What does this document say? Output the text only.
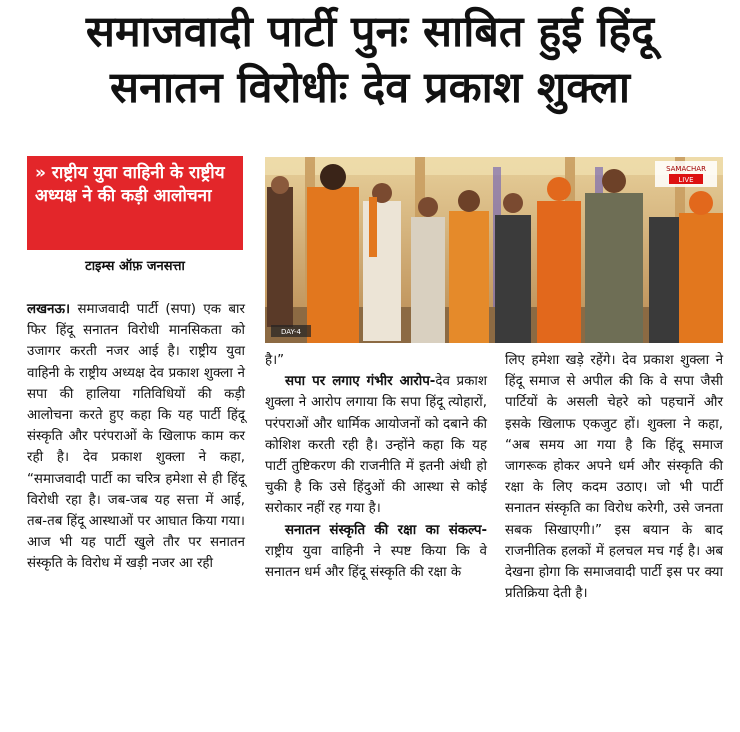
समाजवादी पार्टी पुनः साबित हुई हिंदू
सनातन विरोधीः देव प्रकाश शुक्ला
» राष्ट्रीय युवा वाहिनी के राष्ट्रीय अध्यक्ष ने की कड़ी आलोचना
टाइम्स ऑफ़ जनसत्ता
SAMACHAR
LIVE
DAY-4

लखनऊ। समाजवादी पार्टी (सपा) एक बार फिर हिंदू सनातन विरोधी मानसिकता को उजागर करती नजर आई है। राष्ट्रीय युवा वाहिनी के राष्ट्रीय अध्यक्ष देव प्रकाश शुक्ला ने सपा की हालिया गतिविधियों की कड़ी आलोचना करते हुए कहा कि यह पार्टी हिंदू संस्कृति और परंपराओं के खिलाफ काम कर रही है। देव प्रकाश शुक्ला ने कहा, “समाजवादी पार्टी का चरित्र हमेशा से ही हिंदू विरोधी रहा है। जब-जब यह सत्ता में आई, तब-तब हिंदू आस्थाओं पर आघात किया गया। आज भी यह पार्टी खुले तौर पर सनातन संस्कृति के विरोध में खड़ी नजर आ रही

है।”

सपा पर लगाए गंभीर आरोप-देव प्रकाश शुक्ला ने आरोप लगाया कि सपा हिंदू त्योहारों, परंपराओं और धार्मिक आयोजनों को दबाने की कोशिश करती रही है। उन्होंने कहा कि यह पार्टी तुष्टिकरण की राजनीति में इतनी अंधी हो चुकी है कि उसे हिंदुओं की आस्था से कोई सरोकार नहीं रह गया है।

सनातन संस्कृति की रक्षा का संकल्प-राष्ट्रीय युवा वाहिनी ने स्पष्ट किया कि वे सनातन धर्म और हिंदू संस्कृति की रक्षा के

लिए हमेशा खड़े रहेंगे। देव प्रकाश शुक्ला ने हिंदू समाज से अपील की कि वे सपा जैसी पार्टियों के असली चेहरे को पहचानें और इसके खिलाफ एकजुट हों। शुक्ला ने कहा, “अब समय आ गया है कि हिंदू समाज जागरूक होकर अपने धर्म और संस्कृति की रक्षा के लिए कदम उठाए। जो भी पार्टी सनातन संस्कृति का विरोध करेगी, उसे जनता सबक सिखाएगी।” इस बयान के बाद राजनीतिक हलकों में हलचल मच गई है। अब देखना होगा कि समाजवादी पार्टी इस पर क्या प्रतिक्रिया देती है।
